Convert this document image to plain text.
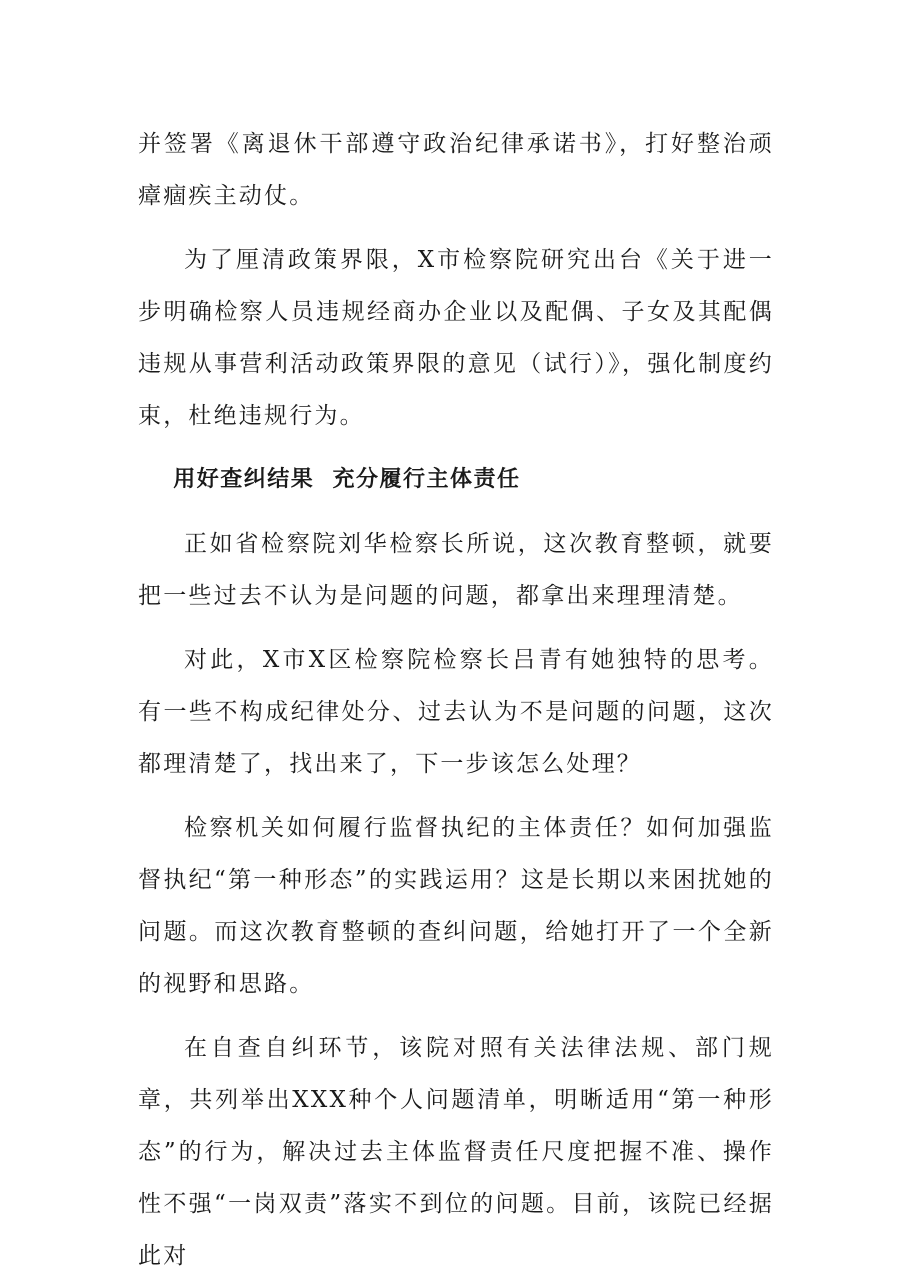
并签署《离退休干部遵守政治纪律承诺书》，打好整治顽瘴痼疾主动仗。

为了厘清政策界限，X市检察院研究出台《关于进一步明确检察人员违规经商办企业以及配偶、子女及其配偶违规从事营利活动政策界限的意见（试行）》，强化制度约束，杜绝违规行为。

用好查纠结果  充分履行主体责任

正如省检察院刘华检察长所说，这次教育整顿，就要把一些过去不认为是问题的问题，都拿出来理理清楚。

对此，X市X区检察院检察长吕青有她独特的思考。有一些不构成纪律处分、过去认为不是问题的问题，这次都理清楚了，找出来了，下一步该怎么处理？

检察机关如何履行监督执纪的主体责任？如何加强监督执纪“第一种形态”的实践运用？这是长期以来困扰她的问题。而这次教育整顿的查纠问题，给她打开了一个全新的视野和思路。

在自查自纠环节，该院对照有关法律法规、部门规章，共列举出XXX种个人问题清单，明晰适用“第一种形态”的行为，解决过去主体监督责任尺度把握不准、操作性不强“一岗双责”落实不到位的问题。目前，该院已经据此对
